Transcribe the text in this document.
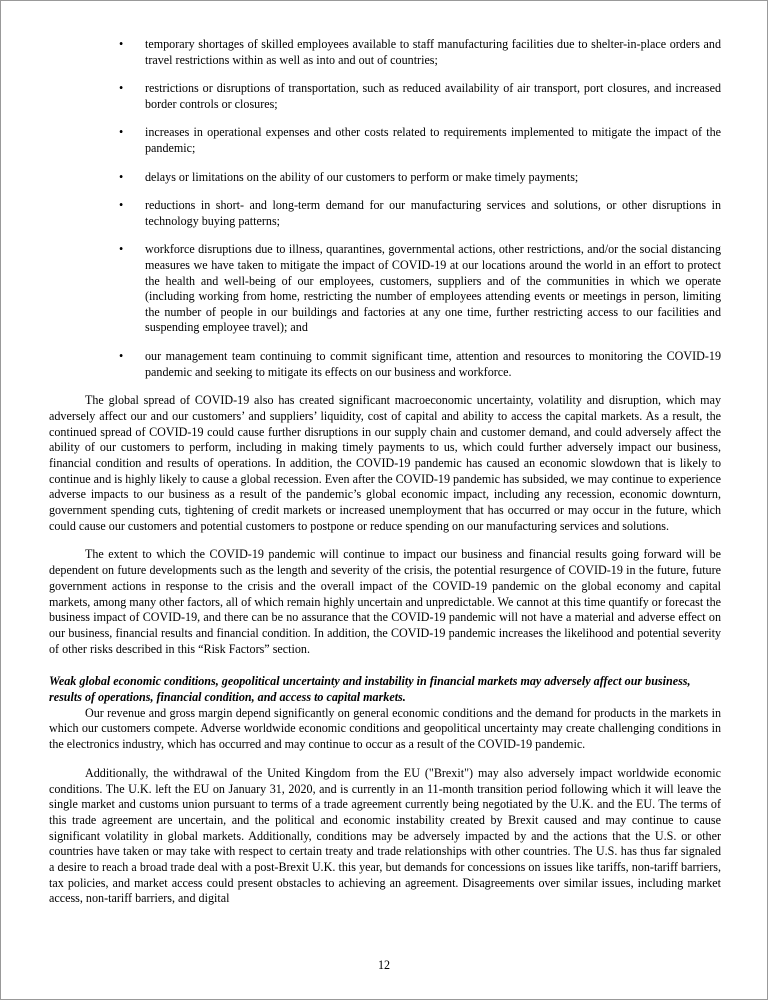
• temporary shortages of skilled employees available to staff manufacturing facilities due to shelter-in-place orders and travel restrictions within as well as into and out of countries;
• restrictions or disruptions of transportation, such as reduced availability of air transport, port closures, and increased border controls or closures;
• increases in operational expenses and other costs related to requirements implemented to mitigate the impact of the pandemic;
• delays or limitations on the ability of our customers to perform or make timely payments;
• reductions in short- and long-term demand for our manufacturing services and solutions, or other disruptions in technology buying patterns;
• workforce disruptions due to illness, quarantines, governmental actions, other restrictions, and/or the social distancing measures we have taken to mitigate the impact of COVID-19 at our locations around the world in an effort to protect the health and well-being of our employees, customers, suppliers and of the communities in which we operate (including working from home, restricting the number of employees attending events or meetings in person, limiting the number of people in our buildings and factories at any one time, further restricting access to our facilities and suspending employee travel); and
• our management team continuing to commit significant time, attention and resources to monitoring the COVID-19 pandemic and seeking to mitigate its effects on our business and workforce.

The global spread of COVID-19 also has created significant macroeconomic uncertainty, volatility and disruption, which may adversely affect our and our customers’ and suppliers’ liquidity, cost of capital and ability to access the capital markets. As a result, the continued spread of COVID-19 could cause further disruptions in our supply chain and customer demand, and could adversely affect the ability of our customers to perform, including in making timely payments to us, which could further adversely impact our business, financial condition and results of operations. In addition, the COVID-19 pandemic has caused an economic slowdown that is likely to continue and is highly likely to cause a global recession. Even after the COVID-19 pandemic has subsided, we may continue to experience adverse impacts to our business as a result of the pandemic’s global economic impact, including any recession, economic downturn, government spending cuts, tightening of credit markets or increased unemployment that has occurred or may occur in the future, which could cause our customers and potential customers to postpone or reduce spending on our manufacturing services and solutions.

The extent to which the COVID-19 pandemic will continue to impact our business and financial results going forward will be dependent on future developments such as the length and severity of the crisis, the potential resurgence of COVID-19 in the future, future government actions in response to the crisis and the overall impact of the COVID-19 pandemic on the global economy and capital markets, among many other factors, all of which remain highly uncertain and unpredictable. We cannot at this time quantify or forecast the business impact of COVID-19, and there can be no assurance that the COVID-19 pandemic will not have a material and adverse effect on our business, financial results and financial condition. In addition, the COVID-19 pandemic increases the likelihood and potential severity of other risks described in this “Risk Factors” section.

Weak global economic conditions, geopolitical uncertainty and instability in financial markets may adversely affect our business, results of operations, financial condition, and access to capital markets.

Our revenue and gross margin depend significantly on general economic conditions and the demand for products in the markets in which our customers compete. Adverse worldwide economic conditions and geopolitical uncertainty may create challenging conditions in the electronics industry, which has occurred and may continue to occur as a result of the COVID-19 pandemic.

Additionally, the withdrawal of the United Kingdom from the EU ("Brexit") may also adversely impact worldwide economic conditions. The U.K. left the EU on January 31, 2020, and is currently in an 11-month transition period following which it will leave the single market and customs union pursuant to terms of a trade agreement currently being negotiated by the U.K. and the EU. The terms of this trade agreement are uncertain, and the political and economic instability created by Brexit caused and may continue to cause significant volatility in global markets. Additionally, conditions may be adversely impacted by and the actions that the U.S. or other countries have taken or may take with respect to certain treaty and trade relationships with other countries. The U.S. has thus far signaled a desire to reach a broad trade deal with a post-Brexit U.K. this year, but demands for concessions on issues like tariffs, non-tariff barriers, tax policies, and market access could present obstacles to achieving an agreement. Disagreements over similar issues, including market access, non-tariff barriers, and digital

12
